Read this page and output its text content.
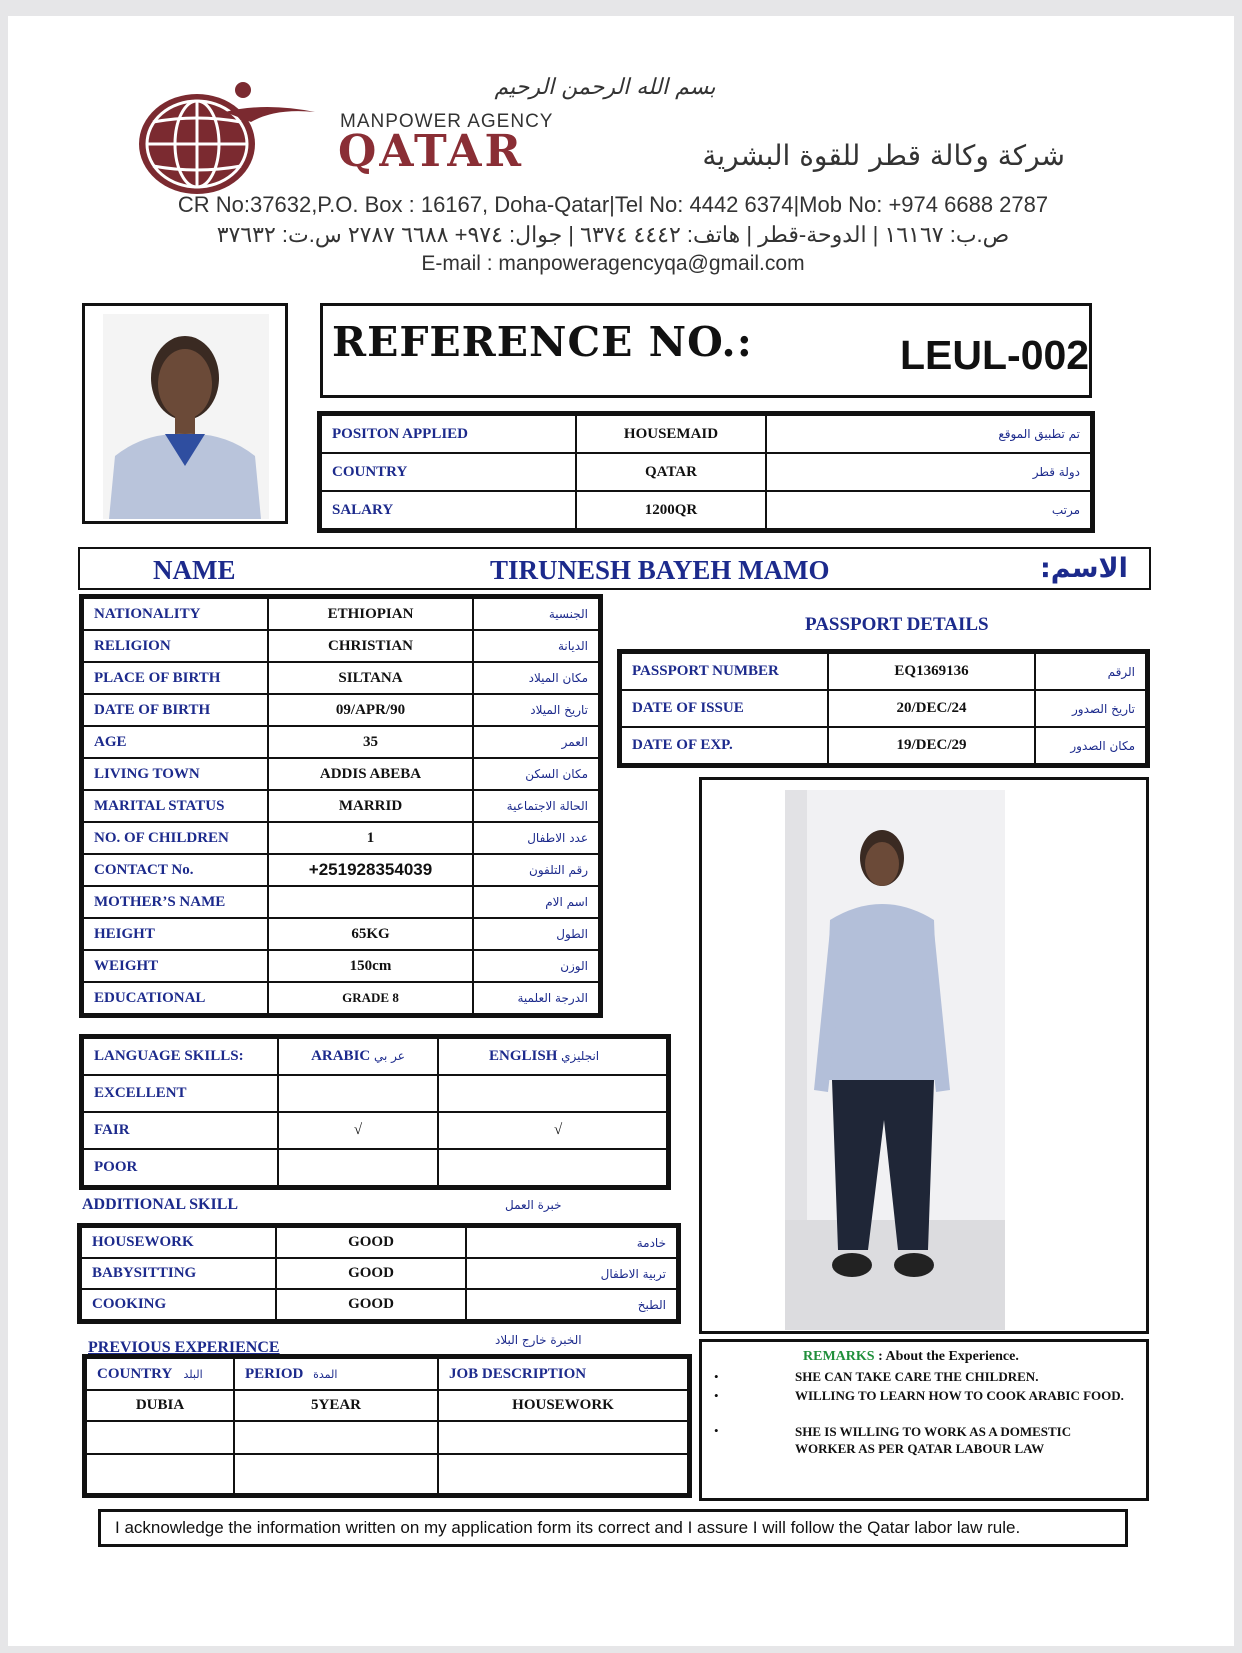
بسم الله الرحمن الرحيم
MANPOWER AGENCY
QATAR	شركة وكالة قطر للقوة البشرية
CR No:37632,P.O. Box : 16167, Doha-Qatar|Tel No: 4442 6374|Mob No: +974 6688 2787
ص.ب: ١٦١٦٧ | الدوحة-قطر | هاتف: ٤٤٤٢ ٦٣٧٤ | جوال: ٩٧٤+ ٦٦٨٨ ٢٧٨٧ س.ت: ٣٧٦٣٢
E-mail : manpoweragencyqa@gmail.com
REFERENCE NO.:	LEUL-002
POSITON APPLIED	HOUSEMAID	تم تطبيق الموقع
COUNTRY	QATAR	دولة قطر
SALARY	1200QR	مرتب
NAME	TIRUNESH BAYEH MAMO	الاسم:
NATIONALITY	ETHIOPIAN	الجنسية
RELIGION	CHRISTIAN	الديانة
PLACE OF BIRTH	SILTANA	مكان الميلاد
DATE OF BIRTH	09/APR/90	تاريخ الميلاد
AGE	35	العمر
LIVING TOWN	ADDIS ABEBA	مكان السكن
MARITAL STATUS	MARRID	الحالة الاجتماعية
NO. OF CHILDREN	1	عدد الاطفال
CONTACT No.	+251928354039	رقم التلفون
MOTHER’S NAME		اسم الام
HEIGHT	65KG	الطول
WEIGHT	150cm	الوزن
EDUCATIONAL	GRADE 8	الدرجة العلمية
PASSPORT DETAILS
PASSPORT NUMBER	EQ1369136	الرقم
DATE OF ISSUE	20/DEC/24	تاريخ الصدور
DATE OF EXP.	19/DEC/29	مكان الصدور
LANGUAGE SKILLS:	ARABIC عر بي	ENGLISH انجليزي
EXCELLENT		
FAIR	√	√
POOR		
ADDITIONAL SKILL	خبرة العمل
HOUSEWORK	GOOD	خادمة
BABYSITTING	GOOD	تربية الاطفال
COOKING	GOOD	الطبخ
PREVIOUS EXPERIENCE	الخبرة خارج البلاد
COUNTRY البلد	PERIOD المدة	JOB DESCRIPTION
DUBIA	5YEAR	HOUSEWORK

REMARKS : About the Experience.
•	SHE CAN TAKE CARE THE CHILDREN.
•	WILLING TO LEARN HOW TO COOK ARABIC FOOD.
•	SHE IS WILLING TO WORK AS A DOMESTIC WORKER AS PER QATAR LABOUR LAW
I acknowledge the information written on my application form its correct and I assure I will follow the Qatar labor law rule.
